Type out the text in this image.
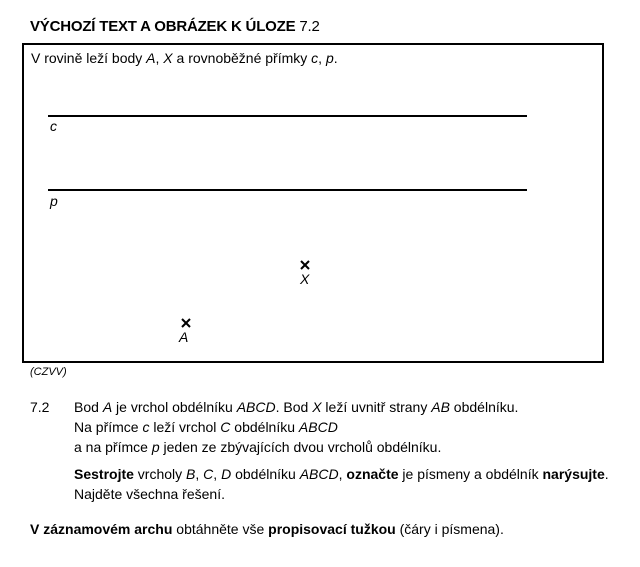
VÝCHOZÍ TEXT A OBRÁZEK K ÚLOZE 7.2
V rovině leží body A, X a rovnoběžné přímky c, p.
c
p
X
A
(CZVV)
7.2 Bod A je vrchol obdélníku ABCD. Bod X leží uvnitř strany AB obdélníku.
Na přímce c leží vrchol C obdélníku ABCD
a na přímce p jeden ze zbývajících dvou vrcholů obdélníku.
Sestrojte vrcholy B, C, D obdélníku ABCD, označte je písmeny a obdélník narýsujte.
Najděte všechna řešení.
V záznamovém archu obtáhněte vše propisovací tužkou (čáry i písmena).
